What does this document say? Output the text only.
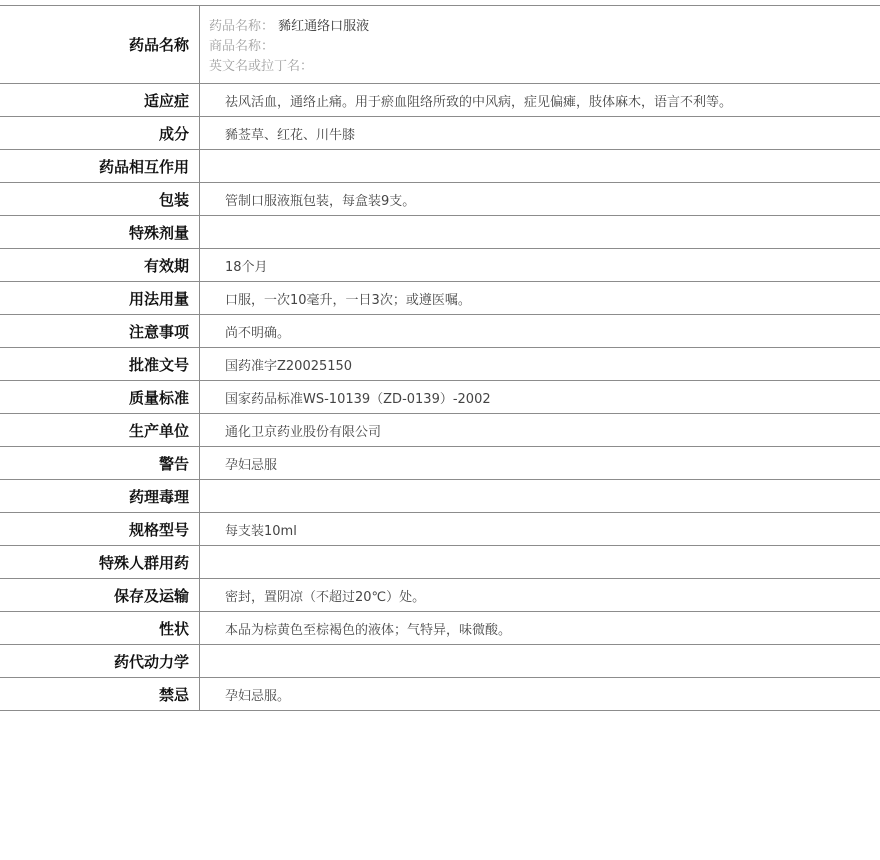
药品名称
药品名称： 豨红通络口服液
商品名称：
英文名或拉丁名：
适应症	祛风活血，通络止痛。用于瘀血阻络所致的中风病，症见偏瘫，肢体麻木，语言不利等。
成分	豨莶草、红花、川牛膝
药品相互作用
包装	管制口服液瓶包装，每盒装9支。
特殊剂量
有效期	18个月
用法用量	口服，一次10毫升，一日3次；或遵医嘱。
注意事项	尚不明确。
批准文号	国药准字Z20025150
质量标准	国家药品标准WS-10139（ZD-0139）-2002
生产单位	通化卫京药业股份有限公司
警告	孕妇忌服
药理毒理
规格型号	每支装10ml
特殊人群用药
保存及运输	密封，置阴凉（不超过20℃）处。
性状	本品为棕黄色至棕褐色的液体；气特异，味微酸。
药代动力学
禁忌	孕妇忌服。
